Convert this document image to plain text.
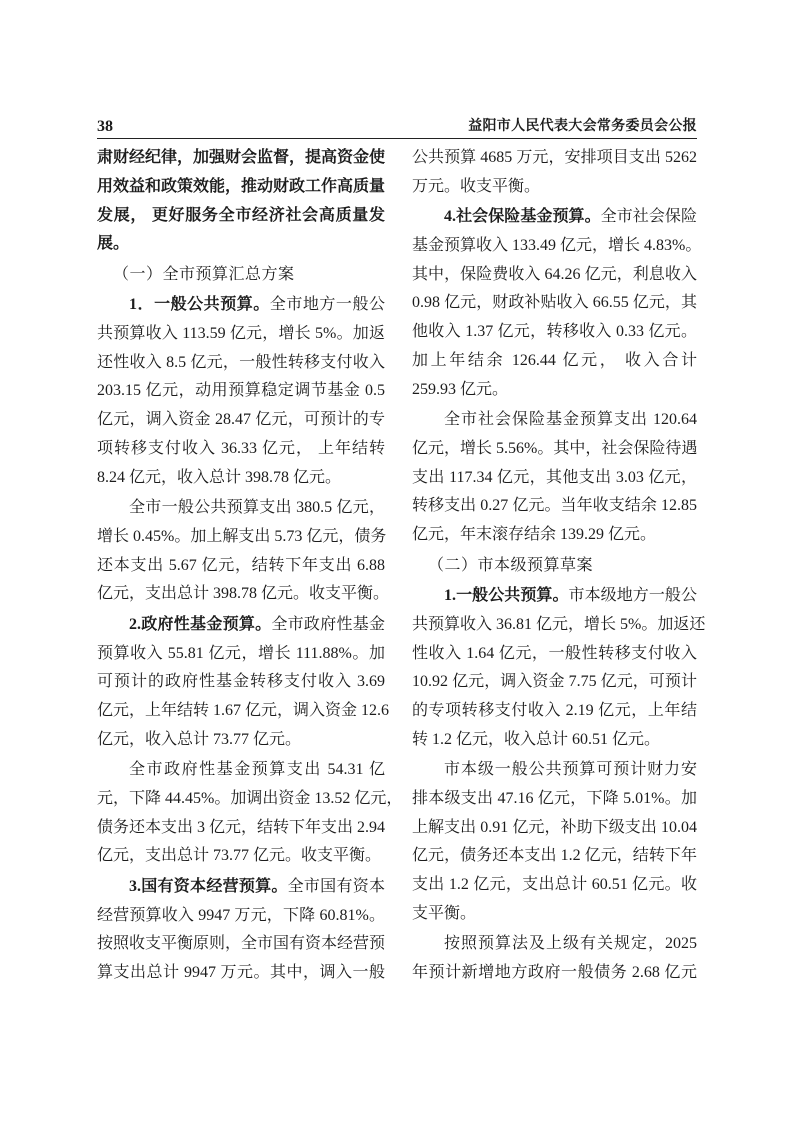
38	益阳市人民代表大会常务委员会公报
肃财经纪律，加强财会监督，提高资金使
用效益和政策效能，推动财政工作高质量
发展， 更好服务全市经济社会高质量发
展。
（一）全市预算汇总方案
1．一般公共预算。全市地方一般公
共预算收入 113.59 亿元，增长 5%。加返
还性收入 8.5 亿元，一般性转移支付收入
203.15 亿元，动用预算稳定调节基金 0.5
亿元，调入资金 28.47 亿元，可预计的专
项转移支付收入 36.33 亿元， 上年结转
8.24 亿元，收入总计 398.78 亿元。
全市一般公共预算支出 380.5 亿元，
增长 0.45%。加上解支出 5.73 亿元，债务
还本支出 5.67 亿元，结转下年支出 6.88
亿元，支出总计 398.78 亿元。收支平衡。
2.政府性基金预算。全市政府性基金
预算收入 55.81 亿元，增长 111.88%。加
可预计的政府性基金转移支付收入 3.69
亿元，上年结转 1.67 亿元，调入资金 12.6
亿元，收入总计 73.77 亿元。
全市政府性基金预算支出 54.31 亿
元，下降 44.45%。加调出资金 13.52 亿元，
债务还本支出 3 亿元，结转下年支出 2.94
亿元，支出总计 73.77 亿元。收支平衡。
3.国有资本经营预算。全市国有资本
经营预算收入 9947 万元，下降 60.81%。
按照收支平衡原则，全市国有资本经营预
算支出总计 9947 万元。其中，调入一般
公共预算 4685 万元，安排项目支出 5262
万元。收支平衡。
4.社会保险基金预算。全市社会保险
基金预算收入 133.49 亿元，增长 4.83%。
其中，保险费收入 64.26 亿元，利息收入
0.98 亿元，财政补贴收入 66.55 亿元，其
他收入 1.37 亿元，转移收入 0.33 亿元。
加上年结余 126.44 亿元， 收入合计
259.93 亿元。
全市社会保险基金预算支出 120.64
亿元，增长 5.56%。其中，社会保险待遇
支出 117.34 亿元，其他支出 3.03 亿元，
转移支出 0.27 亿元。当年收支结余 12.85
亿元，年末滚存结余 139.29 亿元。
（二）市本级预算草案
1.一般公共预算。市本级地方一般公
共预算收入 36.81 亿元，增长 5%。加返还
性收入 1.64 亿元，一般性转移支付收入
10.92 亿元，调入资金 7.75 亿元，可预计
的专项转移支付收入 2.19 亿元，上年结
转 1.2 亿元，收入总计 60.51 亿元。
市本级一般公共预算可预计财力安
排本级支出 47.16 亿元，下降 5.01%。加
上解支出 0.91 亿元，补助下级支出 10.04
亿元，债务还本支出 1.2 亿元，结转下年
支出 1.2 亿元，支出总计 60.51 亿元。收
支平衡。
按照预算法及上级有关规定，2025
年预计新增地方政府一般债务 2.68 亿元
